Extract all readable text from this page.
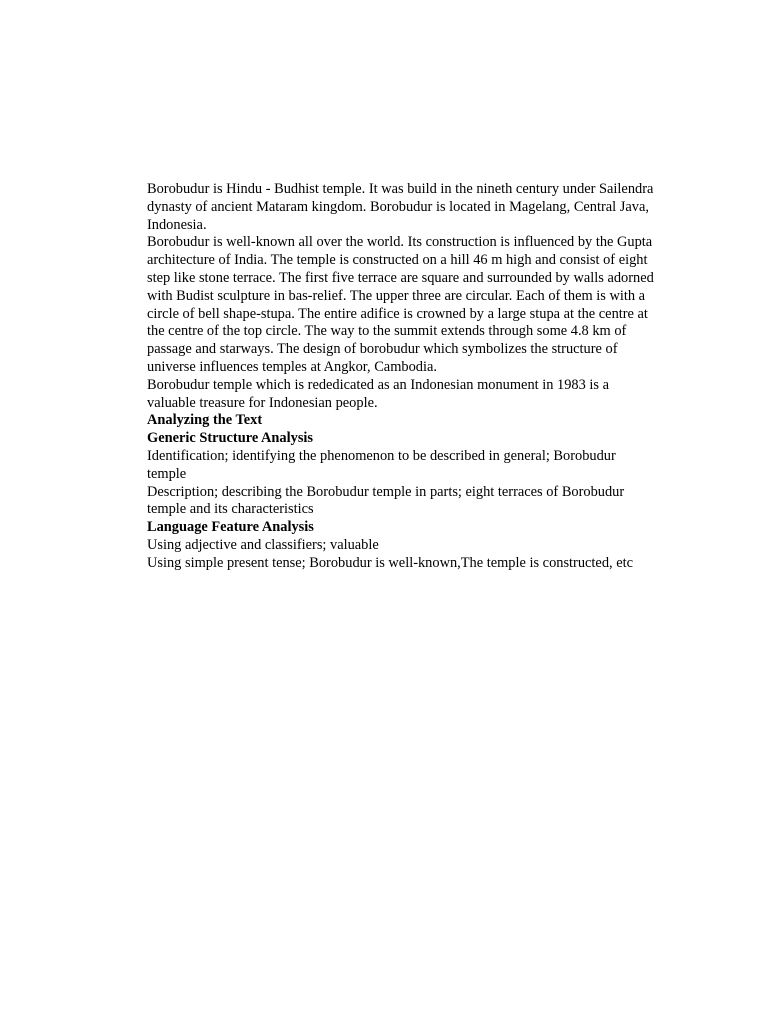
Borobudur is Hindu - Budhist temple. It was build in the nineth century under Sailendra dynasty of ancient Mataram kingdom. Borobudur is located in Magelang, Central Java, Indonesia.

Borobudur is well-known all over the world. Its construction is influenced by the Gupta architecture of India. The temple is constructed on a hill 46 m high and consist of eight step like stone terrace. The first five terrace are square and surrounded by walls adorned with Budist sculpture in bas-relief. The upper three are circular. Each of them is with a circle of bell shape-stupa. The entire adifice is crowned by a large stupa at the centre at the centre of the top circle. The way to the summit extends through some 4.8 km of passage and starways. The design of borobudur which symbolizes the structure of universe influences temples at Angkor, Cambodia.

Borobudur temple which is rededicated as an Indonesian monument in 1983 is a valuable treasure for Indonesian people.

Analyzing the Text

Generic Structure Analysis

Identification; identifying the phenomenon to be described in general; Borobudur temple

Description; describing the Borobudur temple in parts; eight terraces of Borobudur temple and its characteristics

Language Feature Analysis

Using adjective and classifiers; valuable

Using simple present tense; Borobudur is well-known,The temple is constructed, etc
